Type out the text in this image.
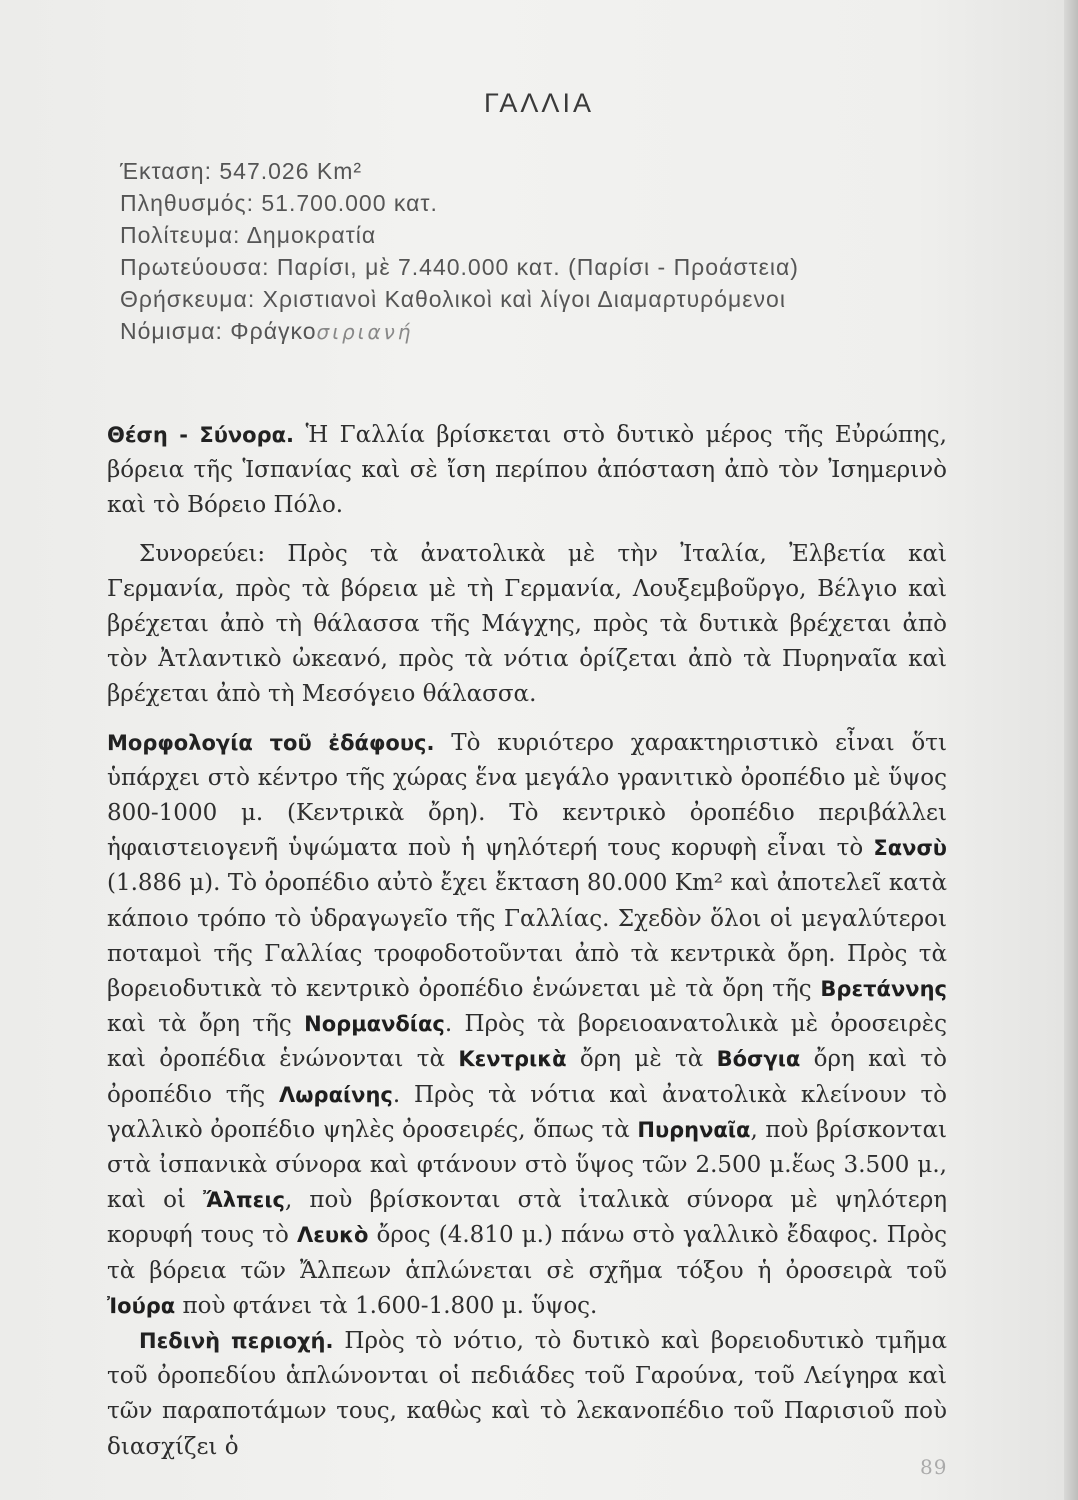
ΓΑΛΛΙΑ
Έκταση: 547.026 Km²
Πληθυσμός: 51.700.000 κατ.
Πολίτευμα: Δημοκρατία
Πρωτεύουσα: Παρίσι, μὲ 7.440.000 κατ. (Παρίσι - Προάστεια)
Θρήσκευμα: Χριστιανοὶ Καθολικοὶ καὶ λίγοι Διαμαρτυρόμενοι
Νόμισμα: Φράγκοσιριανή

Θέση - Σύνορα. Ἡ Γαλλία βρίσκεται στὸ δυτικὸ μέρος τῆς Εὐρώπης, βόρεια τῆς Ἱσπανίας καὶ σὲ ἴση περίπου ἀπόσταση ἀπὸ τὸν Ἰσημερινὸ καὶ τὸ Βόρειο Πόλο.

Συνορεύει: Πρὸς τὰ ἀνατολικὰ μὲ τὴν Ἰταλία, Ἐλβετία καὶ Γερμανία, πρὸς τὰ βόρεια μὲ τὴ Γερμανία, Λουξεμβοῦργο, Βέλγιο καὶ βρέχεται ἀπὸ τὴ θάλασσα τῆς Μάγχης, πρὸς τὰ δυτικὰ βρέχεται ἀπὸ τὸν Ἀτλαντικὸ ὠκεανό, πρὸς τὰ νότια ὁρίζεται ἀπὸ τὰ Πυρηναῖα καὶ βρέχεται ἀπὸ τὴ Μεσόγειο θάλασσα.

Μορφολογία τοῦ ἐδάφους. Τὸ κυριότερο χαρακτηριστικὸ εἶναι ὅτι ὑπάρχει στὸ κέντρο τῆς χώρας ἕνα μεγάλο γρανιτικὸ ὀροπέδιο μὲ ὕψος 800-1000 μ. (Κεντρικὰ ὄρη). Τὸ κεντρικὸ ὀροπέδιο περιβάλλει ἡφαιστειογενῆ ὑψώματα ποὺ ἡ ψηλότερή τους κορυφὴ εἶναι τὸ Σανσὺ (1.886 μ). Τὸ ὀροπέδιο αὐτὸ ἔχει ἔκταση 80.000 Km² καὶ ἀποτελεῖ κατὰ κάποιο τρόπο τὸ ὑδραγωγεῖο τῆς Γαλλίας. Σχεδὸν ὅλοι οἱ μεγαλύτεροι ποταμοὶ τῆς Γαλλίας τροφοδοτοῦνται ἀπὸ τὰ κεντρικὰ ὄρη. Πρὸς τὰ βορειοδυτικὰ τὸ κεντρικὸ ὀροπέδιο ἑνώνεται μὲ τὰ ὄρη τῆς Βρετάννης καὶ τὰ ὄρη τῆς Νορμανδίας. Πρὸς τὰ βορειοανατολικὰ μὲ ὀροσειρὲς καὶ ὀροπέδια ἑνώνονται τὰ Κεντρικὰ ὄρη μὲ τὰ Βόσγια ὄρη καὶ τὸ ὀροπέδιο τῆς Λωραίνης. Πρὸς τὰ νότια καὶ ἀνατολικὰ κλείνουν τὸ γαλλικὸ ὀροπέδιο ψηλὲς ὀροσειρές, ὅπως τὰ Πυρηναῖα, ποὺ βρίσκονται στὰ ἰσπανικὰ σύνορα καὶ φτάνουν στὸ ὕψος τῶν 2.500 μ.ἕως 3.500 μ., καὶ οἱ Ἄλπεις, ποὺ βρίσκονται στὰ ἰταλικὰ σύνορα μὲ ψηλότερη κορυφή τους τὸ Λευκὸ ὄρος (4.810 μ.) πάνω στὸ γαλλικὸ ἔδαφος. Πρὸς τὰ βόρεια τῶν Ἄλπεων ἁπλώνεται σὲ σχῆμα τόξου ἡ ὀροσειρὰ τοῦ Ἰούρα ποὺ φτάνει τὰ 1.600-1.800 μ. ὕψος.

Πεδινὴ περιοχή. Πρὸς τὸ νότιο, τὸ δυτικὸ καὶ βορειοδυτικὸ τμῆμα τοῦ ὀροπεδίου ἁπλώνονται οἱ πεδιάδες τοῦ Γαρούνα, τοῦ Λείγηρα καὶ τῶν παραποτάμων τους, καθὼς καὶ τὸ λεκανοπέδιο τοῦ Παρισιοῦ ποὺ διασχίζει ὁ

89
